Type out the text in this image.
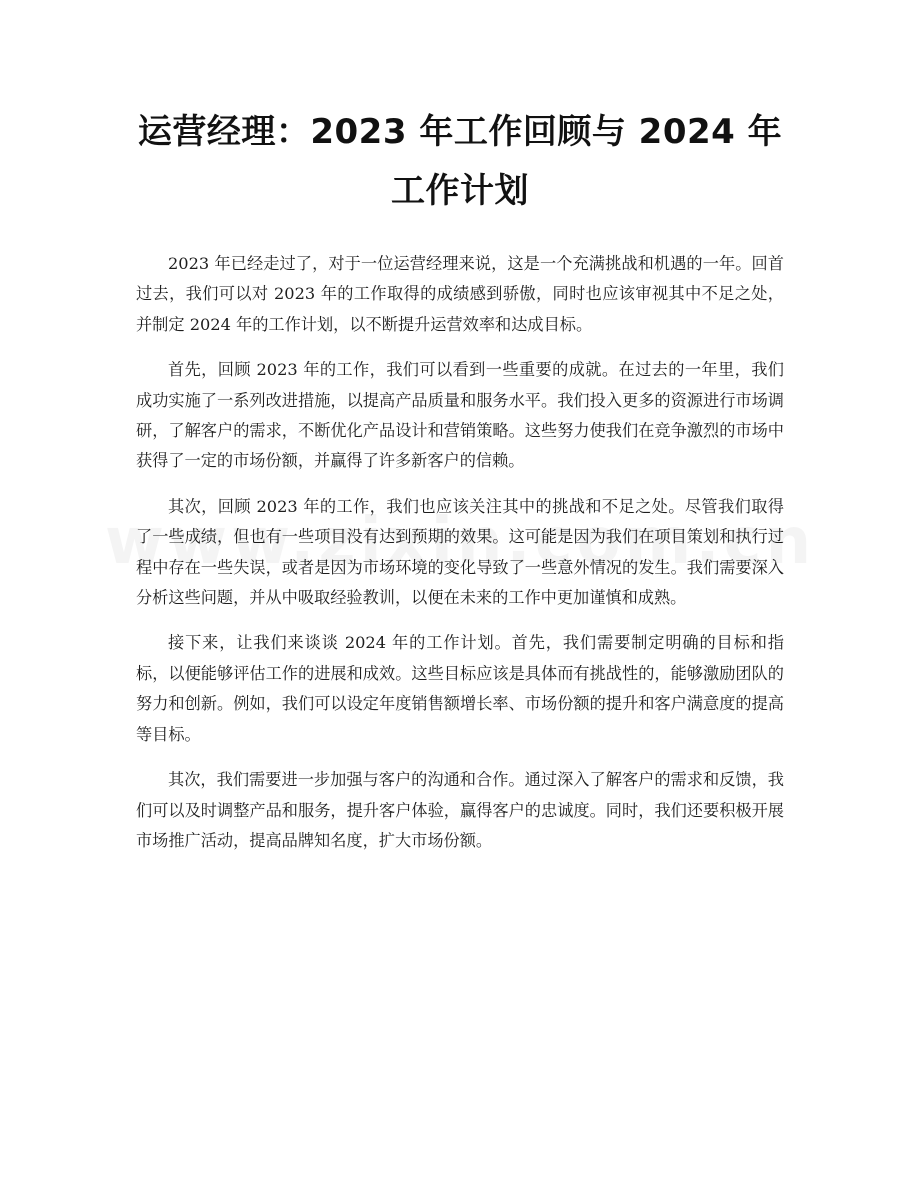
运营经理：2023 年工作回顾与 2024 年工作计划

2023 年已经走过了，对于一位运营经理来说，这是一个充满挑战和机遇的一年。回首过去，我们可以对 2023 年的工作取得的成绩感到骄傲，同时也应该审视其中不足之处，并制定 2024 年的工作计划，以不断提升运营效率和达成目标。

首先，回顾 2023 年的工作，我们可以看到一些重要的成就。在过去的一年里，我们成功实施了一系列改进措施，以提高产品质量和服务水平。我们投入更多的资源进行市场调研，了解客户的需求，不断优化产品设计和营销策略。这些努力使我们在竞争激烈的市场中获得了一定的市场份额，并赢得了许多新客户的信赖。

其次，回顾 2023 年的工作，我们也应该关注其中的挑战和不足之处。尽管我们取得了一些成绩，但也有一些项目没有达到预期的效果。这可能是因为我们在项目策划和执行过程中存在一些失误，或者是因为市场环境的变化导致了一些意外情况的发生。我们需要深入分析这些问题，并从中吸取经验教训，以便在未来的工作中更加谨慎和成熟。

接下来，让我们来谈谈 2024 年的工作计划。首先，我们需要制定明确的目标和指标，以便能够评估工作的进展和成效。这些目标应该是具体而有挑战性的，能够激励团队的努力和创新。例如，我们可以设定年度销售额增长率、市场份额的提升和客户满意度的提高等目标。

其次，我们需要进一步加强与客户的沟通和合作。通过深入了解客户的需求和反馈，我们可以及时调整产品和服务，提升客户体验，赢得客户的忠诚度。同时，我们还要积极开展市场推广活动，提高品牌知名度，扩大市场份额。
